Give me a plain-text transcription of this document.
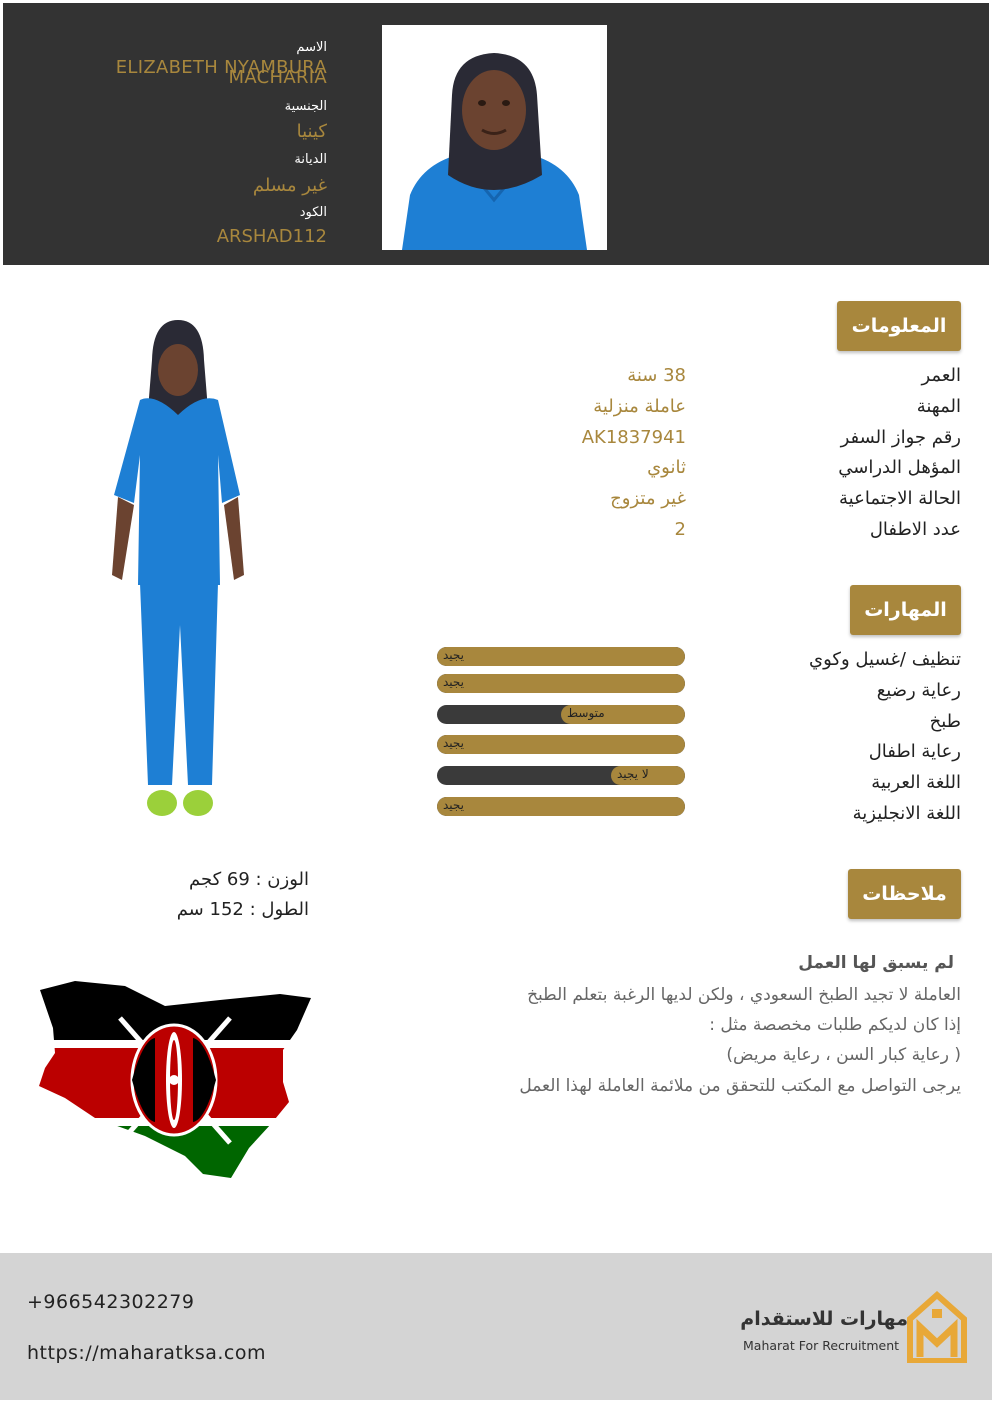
الاسم
ELIZABETH NYAMBURA MACHARIA
الجنسية
كينيا
الديانة
غير مسلم
الكود
ARSHAD112
الوزن : 69 كجم
الطول : 152 سم
المعلومات
العمر
38 سنة
المهنة
عاملة منزلية
رقم جواز السفر
AK1837941
المؤهل الدراسي
ثانوي
الحالة الاجتماعية
غير متزوج
عدد الاطفال
2
المهارات
تنظيف /غسيل وكوي
يجيد
رعاية رضيع
يجيد
طبخ
متوسط
رعاية اطفال
يجيد
اللغة العربية
لا يجيد
اللغة الانجليزية
يجيد
ملاحظات
لم يسبق لها العمل
العاملة لا تجيد الطبخ السعودي ، ولكن لديها الرغبة بتعلم الطبخ
إذا كان لديكم طلبات مخصصة مثل :
( رعاية كبار السن ، رعاية مريض)
يرجى التواصل مع المكتب للتحقق من ملائمة العاملة لهذا العمل
+966542302279
https://maharatksa.com
مهارات للاستقدام
Maharat For Recruitment
